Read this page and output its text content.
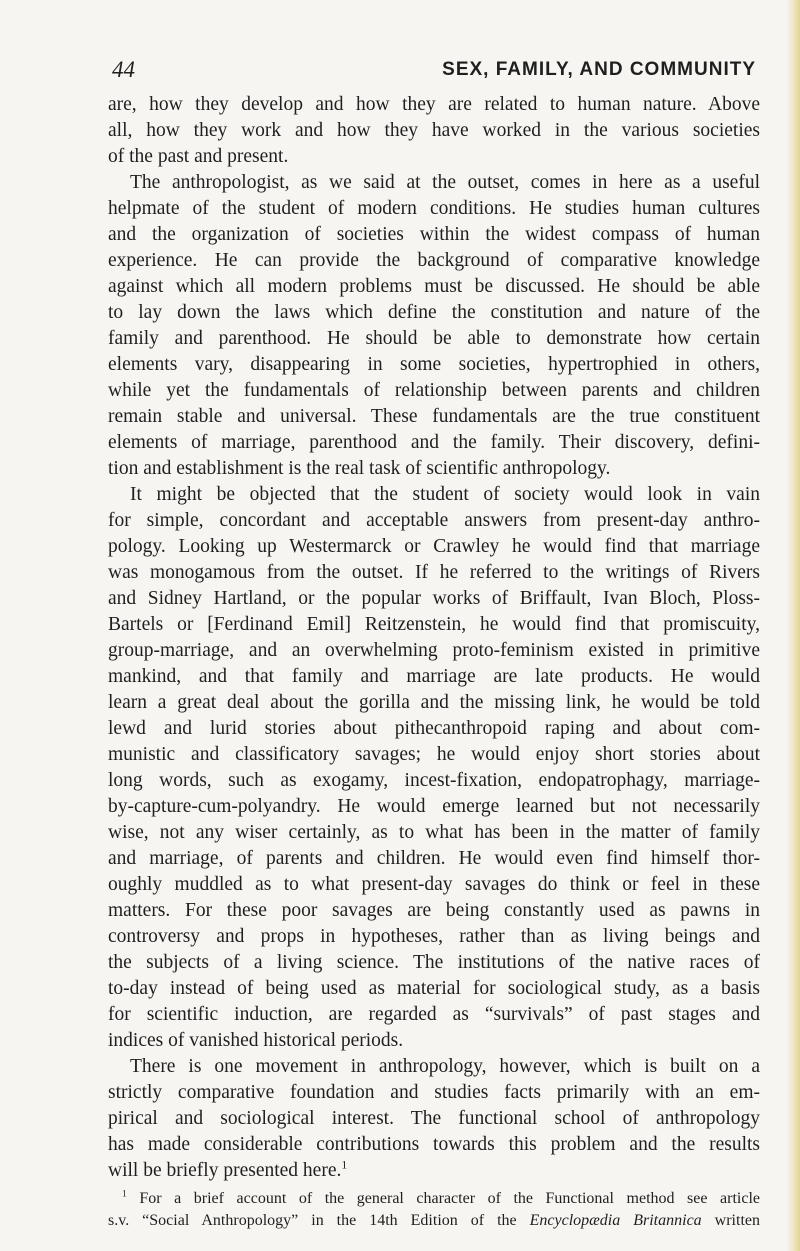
44	SEX, FAMILY, AND COMMUNITY
are, how they develop and how they are related to human nature. Above
all, how they work and how they have worked in the various societies
of the past and present.
The anthropologist, as we said at the outset, comes in here as a useful
helpmate of the student of modern conditions. He studies human cultures
and the organization of societies within the widest compass of human
experience. He can provide the background of comparative knowledge
against which all modern problems must be discussed. He should be able
to lay down the laws which define the constitution and nature of the
family and parenthood. He should be able to demonstrate how certain
elements vary, disappearing in some societies, hypertrophied in others,
while yet the fundamentals of relationship between parents and children
remain stable and universal. These fundamentals are the true constituent
elements of marriage, parenthood and the family. Their discovery, defini-
tion and establishment is the real task of scientific anthropology.
It might be objected that the student of society would look in vain
for simple, concordant and acceptable answers from present-day anthro-
pology. Looking up Westermarck or Crawley he would find that marriage
was monogamous from the outset. If he referred to the writings of Rivers
and Sidney Hartland, or the popular works of Briffault, Ivan Bloch, Ploss-
Bartels or [Ferdinand Emil] Reitzenstein, he would find that promiscuity,
group-marriage, and an overwhelming proto-feminism existed in primitive
mankind, and that family and marriage are late products. He would
learn a great deal about the gorilla and the missing link, he would be told
lewd and lurid stories about pithecanthropoid raping and about com-
munistic and classificatory savages; he would enjoy short stories about
long words, such as exogamy, incest-fixation, endopatrophagy, marriage-
by-capture-cum-polyandry. He would emerge learned but not necessarily
wise, not any wiser certainly, as to what has been in the matter of family
and marriage, of parents and children. He would even find himself thor-
oughly muddled as to what present-day savages do think or feel in these
matters. For these poor savages are being constantly used as pawns in
controversy and props in hypotheses, rather than as living beings and
the subjects of a living science. The institutions of the native races of
to-day instead of being used as material for sociological study, as a basis
for scientific induction, are regarded as “survivals” of past stages and
indices of vanished historical periods.
There is one movement in anthropology, however, which is built on a
strictly comparative foundation and studies facts primarily with an em-
pirical and sociological interest. The functional school of anthropology
has made considerable contributions towards this problem and the results
will be briefly presented here.$^1$
$^1$ For a brief account of the general character of the Functional method see article
s.v. “Social Anthropology” in the 14th Edition of the Encyclopædia Britannica written
